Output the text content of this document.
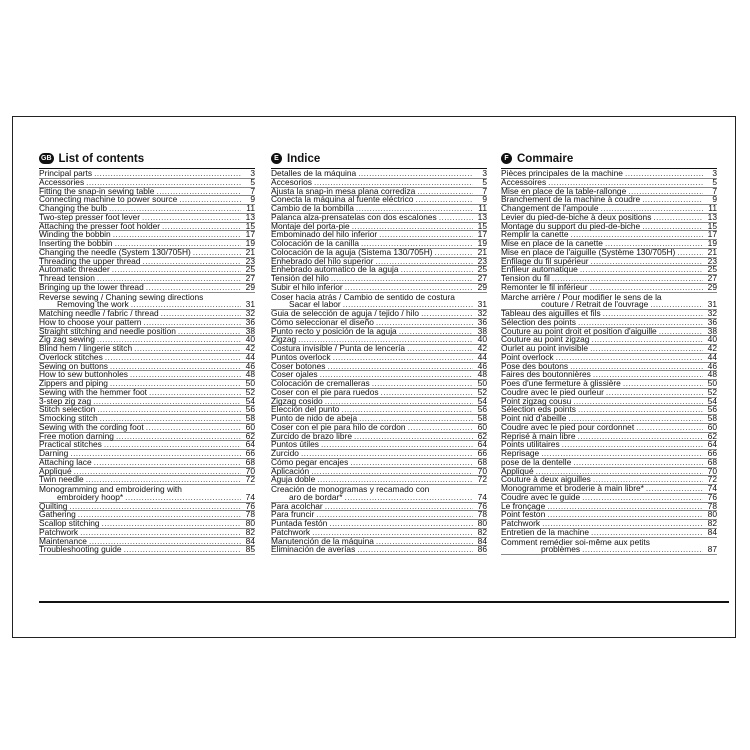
GB List of contents
Principal parts .....	3
Accessories .....	5
Fitting the snap-in sewing table .....	7
Connecting machine to power source .....	9
Changing the bulb .....	11
Two-step presser foot lever .....	13
Attaching the presser foot holder .....	15
Winding the bobbin .....	17
Inserting the bobbin .....	19
Changing the needle (System 130/705H) .....	21
Threading the upper thread .....	23
Automatic threader .....	25
Thread tension .....	27
Bringing up the lower thread .....	29
Reverse sewing / Chaning sewing directions
Removing the work .....	31
Matching needle / fabric / thread .....	32
How to choose your pattern .....	36
Straight stitching and needle position .....	38
Zig zag sewing .....	40
Blind hem / lingerie stitch .....	42
Overlock stitches .....	44
Sewing on buttons .....	46
How to sew buttonholes .....	48
Zippers and piping .....	50
Sewing with the hemmer foot .....	52
3-step zig zag .....	54
Stitch selection .....	56
Smocking stitch .....	58
Sewing with the cording foot .....	60
Free motion darning .....	62
Practical stitches .....	64
Darning .....	66
Attaching lace .....	68
Appliqué .....	70
Twin needle .....	72
Monogramming and embroidering with
embroidery hoop* .....	74
Quilting .....	76
Gathering .....	78
Scallop stitching .....	80
Patchwork .....	82
Maintenance .....	84
Troubleshooting guide .....	85
E Indice
Detalles de la máquina .....	3
Accesorios .....	5
Ajusta la snap-in mesa plana corrediza .....	7
Conecta la máquina al fuente eléctrico .....	9
Cambio de la bombilla .....	11
Palanca alza-prensatelas con dos escalones .....	13
Montaje del porta-pie .....	15
Embominado del hilo inferior .....	17
Colocación de la canilla .....	19
Colocación de la aguja (Sistema 130/705H) .....	21
Enhebrado del hilo superior .....	23
Enhebrado automatico de la aguja .....	25
Tensión del hilo .....	27
Subir el hilo inferior .....	29
Coser hacia atrás / Cambio de sentido de costura
Sacar el labor .....	31
Guia de selección de aguja / tejido / hilo .....	32
Cómo seleccionar el diseño .....	36
Punto recto y posición de la aguja .....	38
Zigzag .....	40
Costura invisible / Punta de lencería .....	42
Puntos overlock .....	44
Coser botones .....	46
Coser ojales .....	48
Colocación de cremalleras .....	50
Coser con el pie para ruedos .....	52
Zigzag cosido .....	54
Elección del punto .....	56
Punto de nido de abeja .....	58
Coser con el pie para hilo de cordon .....	60
Zurcido de brazo libre .....	62
Puntos útiles .....	64
Zurcido .....	66
Cómo pegar encajes .....	68
Aplicación .....	70
Aguja doble .....	72
Creación de monogramas y recamado con
aro de bordar* .....	74
Para acolchar .....	76
Para fruncir .....	78
Puntada festón .....	80
Patchwork .....	82
Manutención de la máquina .....	84
Eliminación de averías .....	86
F Commaire
Pièces principales de la machine .....	3
Accessoires .....	5
Mise en place de la table-rallonge .....	7
Branchement de la machine à coudre .....	9
Changement de l'ampoule .....	11
Levier du pied-de-biche à deux positions .....	13
Montage du support du pied-de-biche .....	15
Remplir la canette .....	17
Mise en place de la canette .....	19
Mise en place de l'aiguille (Système 130/705H) .....	21
Enfilage du fil supérieur .....	23
Enfileur automatique .....	25
Tension du fil .....	27
Remonter le fil inférieur .....	29
Marche arrière / Pour modifier le sens de la
couture / Retrait de l'ouvrage .....	31
Tableau des aiguilles et fils .....	32
Sélection des points .....	36
Couture au point droit et position d'aiguille .....	38
Couture au point zigzag .....	40
Ourlet au point invisible .....	42
Point overlock .....	44
Pose des boutons .....	46
Faires des boutonnières .....	48
Poes d'une fermeture à glissière .....	50
Coudre avec le pied ourleur .....	52
Point zigzag cousu .....	54
Sélection eds points .....	56
Point nid d'abeille .....	58
Coudre avec le pied pour cordonnet .....	60
Reprisé à main libre .....	62
Points utilitaires .....	64
Reprisage .....	66
pose de la dentelle .....	68
Appliqué .....	70
Couture à deux aiguilles .....	72
Monogramme et broderie à main libre* .....	74
Coudre avec le guide .....	76
Le fronçage .....	78
Point feston .....	80
Patchwork .....	82
Entretien de la machine .....	84
Comment remédier soi-même aux petits
problèmes .....	87
